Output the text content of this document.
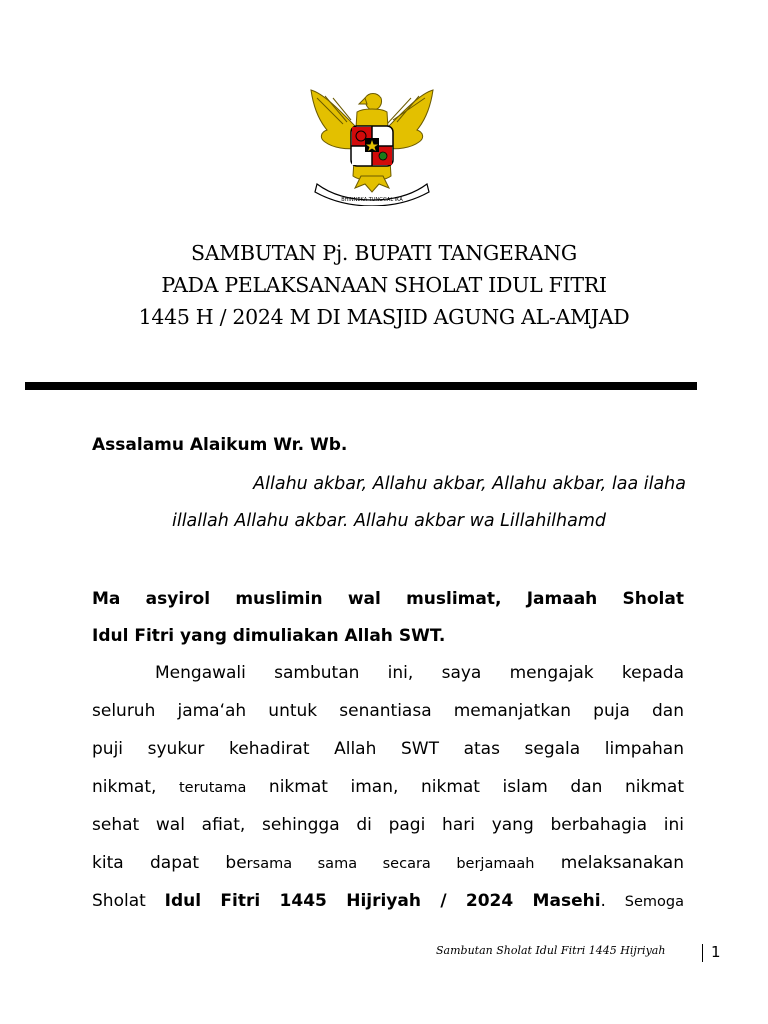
BHINNEKA TUNGGAL IKA
SAMBUTAN Pj. BUPATI TANGERANG
PADA PELAKSANAAN SHOLAT IDUL FITRI
1445 H / 2024 M DI MASJID AGUNG AL-AMJAD
Assalamu Alaikum Wr. Wb.
Allahu akbar, Allahu akbar, Allahu akbar, laa ilaha
illallah Allahu akbar. Allahu akbar wa Lillahilhamd
Ma asyirol muslimin wal muslimat, Jamaah Sholat
Idul Fitri yang dimuliakan Allah SWT.
Mengawali sambutan ini, saya mengajak kepada
seluruh jamaʻah untuk senantiasa memanjatkan puja dan
puji syukur kehadirat Allah SWT atas segala limpahan
nikmat, terutama nikmat iman, nikmat islam dan nikmat
sehat wal afiat, sehingga di pagi hari yang berbahagia ini
kita dapat bersama sama secara berjamaah melaksanakan
Sholat Idul Fitri 1445 Hijriyah / 2024 Masehi. Semoga
Sambutan Sholat Idul Fitri 1445 Hijriyah	1
